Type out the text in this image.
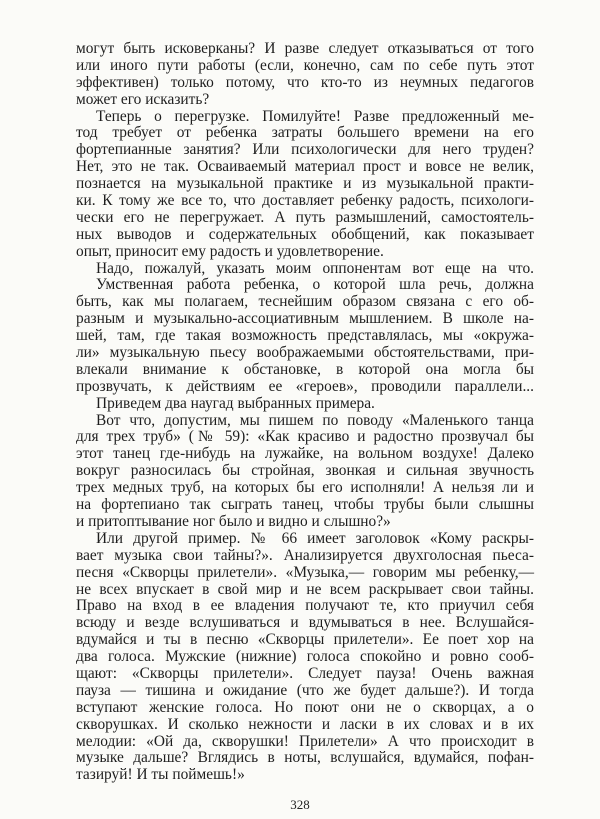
могут быть исковерканы? И разве следует отказываться от того
или иного пути работы (если, конечно, сам по себе путь этот
эффективен) только потому, что кто-то из неумных педагогов
может его исказить?
Теперь о перегрузке. Помилуйте! Разве предложенный ме-
тод требует от ребенка затраты большего времени на его
фортепианные занятия? Или психологически для него труден?
Нет, это не так. Осваиваемый материал прост и вовсе не велик,
познается на музыкальной практике и из музыкальной практи-
ки. К тому же все то, что доставляет ребенку радость, психологи-
чески его не перегружает. А путь размышлений, самостоятель-
ных выводов и содержательных обобщений, как показывает
опыт, приносит ему радость и удовлетворение.
Надо, пожалуй, указать моим оппонентам вот еще на что.
Умственная работа ребенка, о которой шла речь, должна
быть, как мы полагаем, теснейшим образом связана с его об-
разным и музыкально-ассоциативным мышлением. В школе на-
шей, там, где такая возможность представлялась, мы «окружа-
ли» музыкальную пьесу воображаемыми обстоятельствами, при-
влекали внимание к обстановке, в которой она могла бы
прозвучать, к действиям ее «героев», проводили параллели...
Приведем два наугад выбранных примера.
Вот что, допустим, мы пишем по поводу «Маленького танца
для трех труб» (№ 59): «Как красиво и радостно прозвучал бы
этот танец где-нибудь на лужайке, на вольном воздухе! Далеко
вокруг разносилась бы стройная, звонкая и сильная звучность
трех медных труб, на которых бы его исполняли! А нельзя ли и
на фортепиано так сыграть танец, чтобы трубы были слышны
и притоптывание ног было и видно и слышно?»
Или другой пример. № 66 имеет заголовок «Кому раскры-
вает музыка свои тайны?». Анализируется двухголосная пьеса-
песня «Скворцы прилетели». «Музыка,— говорим мы ребенку,—
не всех впускает в свой мир и не всем раскрывает свои тайны.
Право на вход в ее владения получают те, кто приучил себя
всюду и везде вслушиваться и вдумываться в нее. Вслушайся-
вдумайся и ты в песню «Скворцы прилетели». Ее поет хор на
два голоса. Мужские (нижние) голоса спокойно и ровно сооб-
щают: «Скворцы прилетели». Следует пауза! Очень важная
пауза — тишина и ожидание (что же будет дальше?). И тогда
вступают женские голоса. Но поют они не о скворцах, а о
скворушках. И сколько нежности и ласки в их словах и в их
мелодии: «Ой да, скворушки! Прилетели» А что происходит в
музыке дальше? Вглядись в ноты, вслушайся, вдумайся, пофан-
тазируй! И ты поймешь!»
328
